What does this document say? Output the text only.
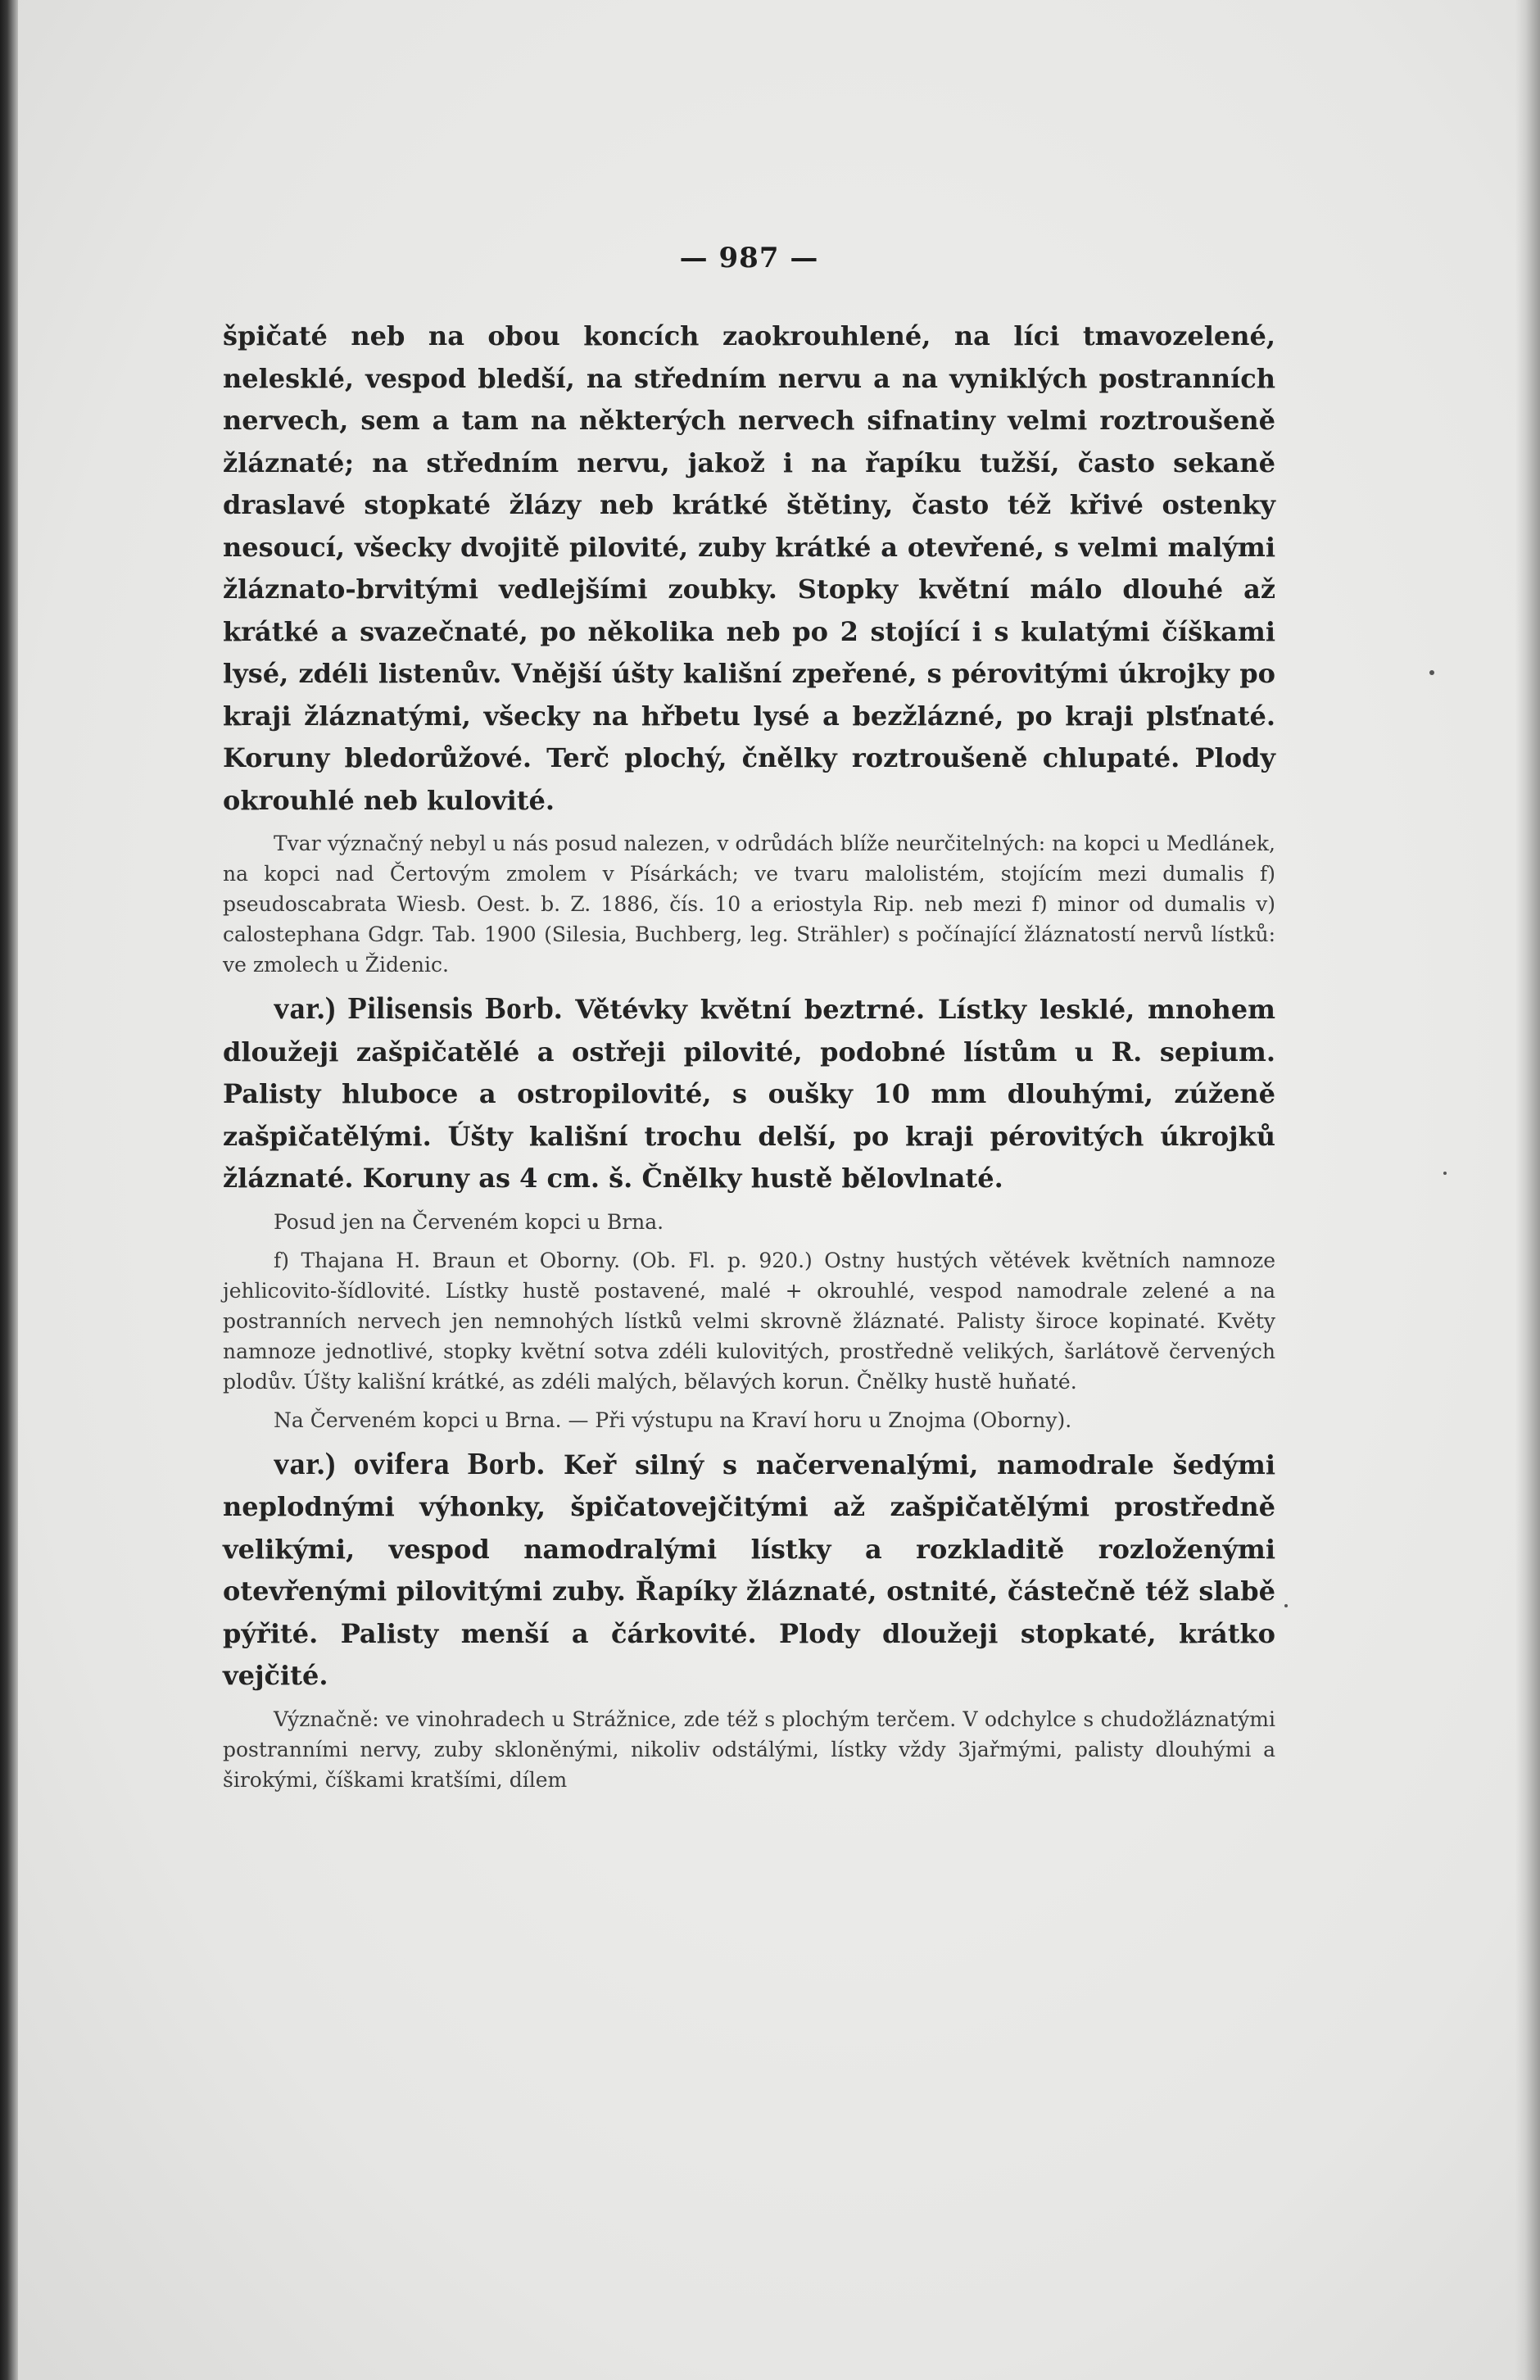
— 987 —

špičaté neb na obou koncích zaokrouhlené, na líci tmavozelené, nelesklé, vespod bledší, na středním nervu a na vyniklých postranních nervech, sem a tam na některých nervech sifnatiny velmi roztroušeně žláznaté; na středním nervu, jakož i na řapíku tužší, často sekaně draslavé stopkaté žlázy neb krátké štětiny, často též křivé ostenky nesoucí, všecky dvojitě pilovité, zuby krátké a otevřené, s velmi malými žláznato-brvitými vedlejšími zoubky. Stopky květní málo dlouhé až krátké a svazečnaté, po několika neb po 2 stojící i s kulatými číškami lysé, zdéli listenův. Vnější úšty kališní zpeřené, s pérovitými úkrojky po kraji žláznatými, všecky na hřbetu lysé a bezžlázné, po kraji plsťnaté. Koruny bledorůžové. Terč plochý, čnělky roztroušeně chlupaté. Plody okrouhlé neb kulovité.

Tvar význačný nebyl u nás posud nalezen, v odrůdách blíže neurčitelných: na kopci u Medlánek, na kopci nad Čertovým zmolem v Písárkách; ve tvaru malolistém, stojícím mezi dumalis f) pseudoscabrata Wiesb. Oest. b. Z. 1886, čís. 10 a eriostyla Rip. neb mezi f) minor od dumalis v) calostephana Gdgr. Tab. 1900 (Silesia, Buchberg, leg. Strähler) s počínající žláznatostí nervů lístků: ve zmolech u Židenic.

var.) Pilisensis Borb. Větévky květní beztrné. Lístky lesklé, mnohem dloužeji zašpičatělé a ostřeji pilovité, podobné lístům u R. sepium. Palisty hluboce a ostropilovité, s oušky 10 mm dlouhými, zúženě zašpičatělými. Úšty kališní trochu delší, po kraji pérovitých úkrojků žláznaté. Koruny as 4 cm. š. Čnělky hustě bělovlnaté.

Posud jen na Červeném kopci u Brna.

f) Thajana H. Braun et Oborny. (Ob. Fl. p. 920.) Ostny hustých větévek květních namnoze jehlicovito-šídlovité. Lístky hustě postavené, malé + okrouhlé, vespod namodrale zelené a na postranních nervech jen nemnohých lístků velmi skrovně žláznaté. Palisty široce kopinaté. Květy namnoze jednotlivé, stopky květní sotva zdéli kulovitých, prostředně velikých, šarlátově červených plodův. Úšty kališní krátké, as zdéli malých, bělavých korun. Čnělky hustě huňaté.

Na Červeném kopci u Brna. — Při výstupu na Kraví horu u Znojma (Oborny).

var.) ovifera Borb. Keř silný s načervenalými, namodrale šedými neplodnými výhonky, špičatovejčitými až zašpičatělými prostředně velikými, vespod namodralými lístky a rozkladitě rozloženými otevřenými pilovitými zuby. Řapíky žláznaté, ostnité, částečně též slabě pýřité. Palisty menší a čárkovité. Plody dloužeji stopkaté, krátko vejčité.

Význačně: ve vinohradech u Strážnice, zde též s plochým terčem. V odchylce s chudožláznatými postranními nervy, zuby skloněnými, nikoliv odstálými, lístky vždy 3jařmými, palisty dlouhými a širokými, číškami kratšími, dílem
